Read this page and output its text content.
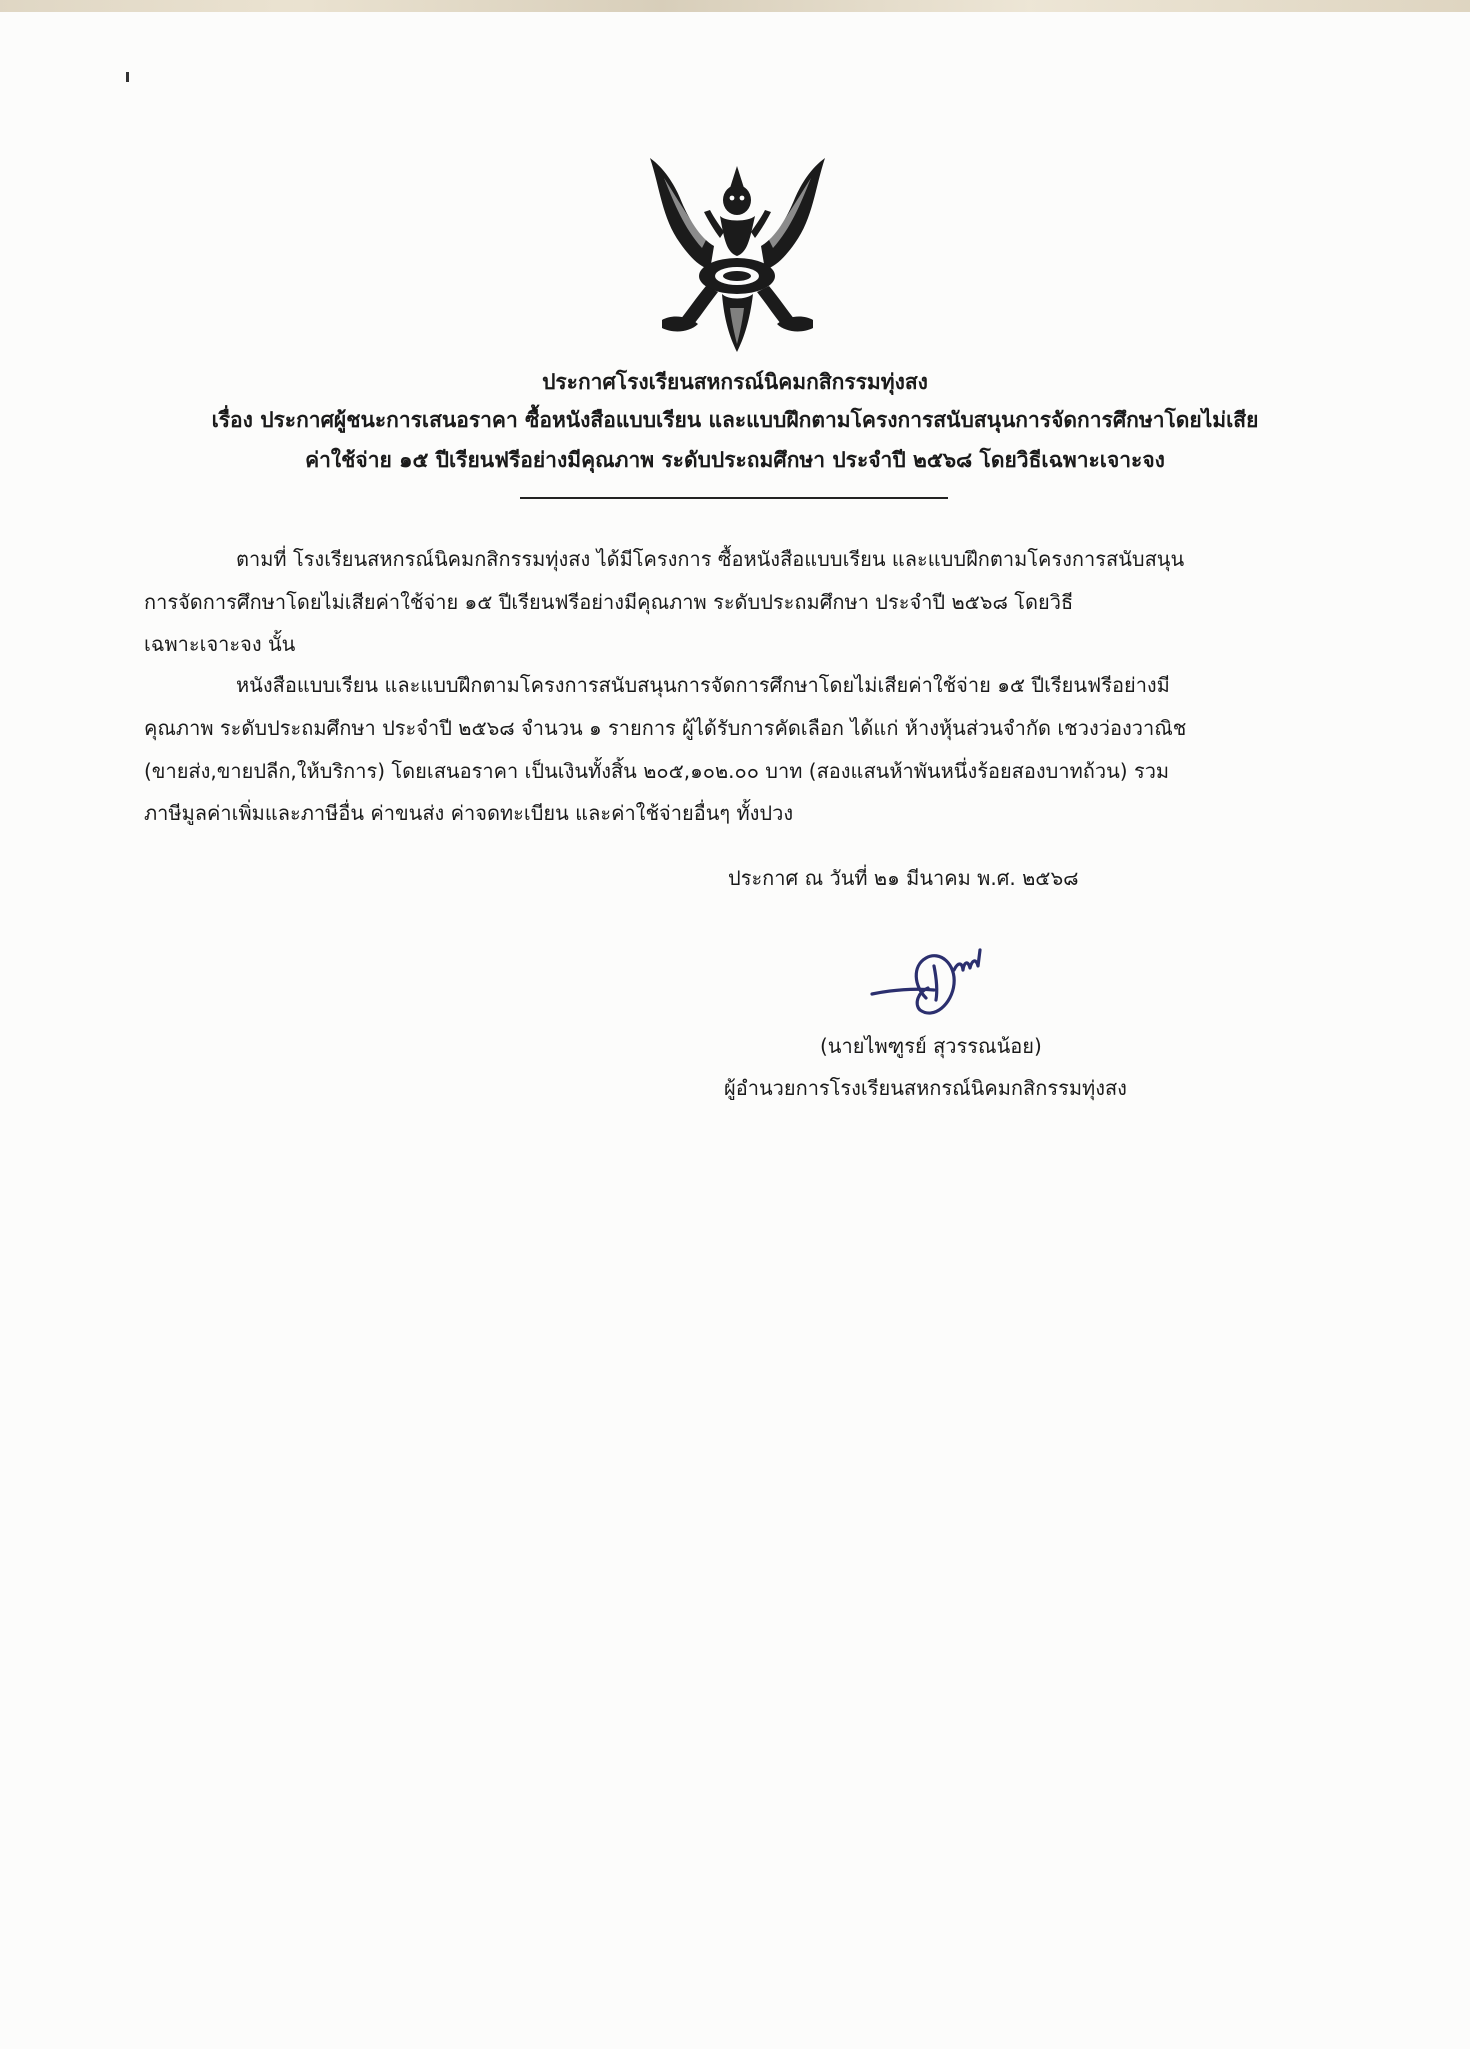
ประกาศโรงเรียนสหกรณ์นิคมกสิกรรมทุ่งสง
เรื่อง ประกาศผู้ชนะการเสนอราคา ซื้อหนังสือแบบเรียน และแบบฝึกตามโครงการสนับสนุนการจัดการศึกษาโดยไม่เสีย
ค่าใช้จ่าย ๑๕ ปีเรียนฟรีอย่างมีคุณภาพ ระดับประถมศึกษา ประจำปี ๒๕๖๘ โดยวิธีเฉพาะเจาะจง
ตามที่ โรงเรียนสหกรณ์นิคมกสิกรรมทุ่งสง ได้มีโครงการ ซื้อหนังสือแบบเรียน และแบบฝึกตามโครงการสนับสนุน
การจัดการศึกษาโดยไม่เสียค่าใช้จ่าย ๑๕ ปีเรียนฟรีอย่างมีคุณภาพ ระดับประถมศึกษา ประจำปี ๒๕๖๘ โดยวิธี
เฉพาะเจาะจง นั้น
หนังสือแบบเรียน และแบบฝึกตามโครงการสนับสนุนการจัดการศึกษาโดยไม่เสียค่าใช้จ่าย ๑๕ ปีเรียนฟรีอย่างมี
คุณภาพ ระดับประถมศึกษา ประจำปี ๒๕๖๘ จำนวน ๑ รายการ ผู้ได้รับการคัดเลือก ได้แก่ ห้างหุ้นส่วนจำกัด เชวงว่องวาณิช
(ขายส่ง,ขายปลีก,ให้บริการ) โดยเสนอราคา เป็นเงินทั้งสิ้น ๒๐๕,๑๐๒.๐๐ บาท (สองแสนห้าพันหนึ่งร้อยสองบาทถ้วน) รวม
ภาษีมูลค่าเพิ่มและภาษีอื่น ค่าขนส่ง ค่าจดทะเบียน และค่าใช้จ่ายอื่นๆ ทั้งปวง
ประกาศ ณ วันที่ ๒๑ มีนาคม พ.ศ. ๒๕๖๘
(นายไพฑูรย์ สุวรรณน้อย)
ผู้อำนวยการโรงเรียนสหกรณ์นิคมกสิกรรมทุ่งสง
